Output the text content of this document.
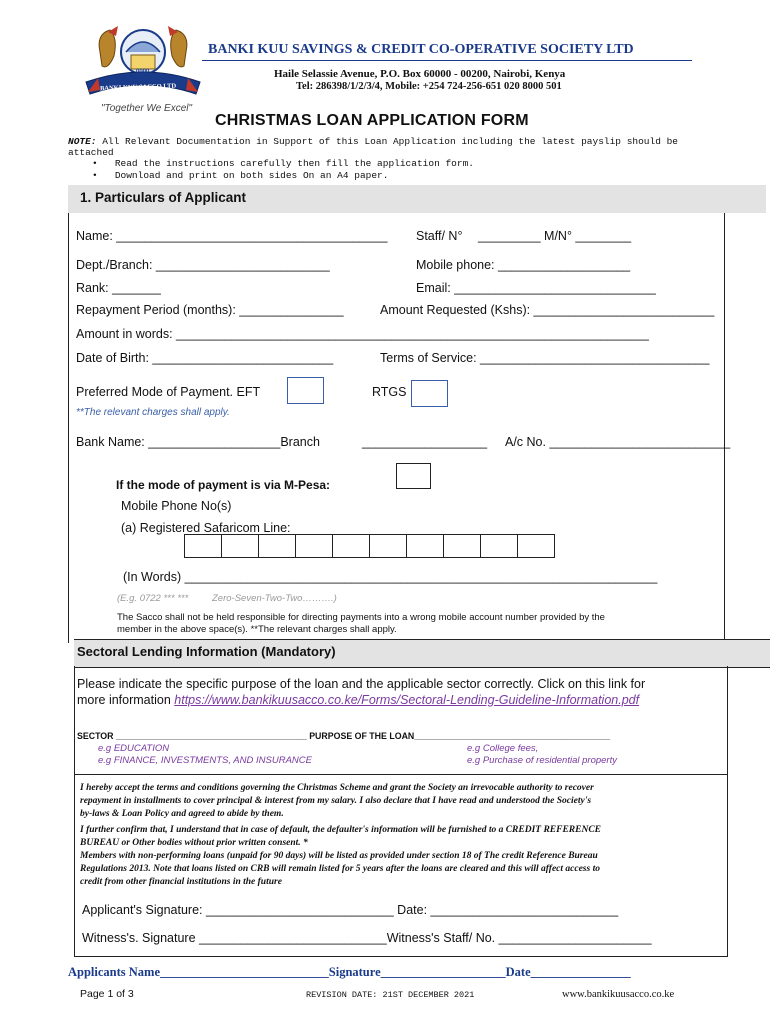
BANKI KUU SACCO LTD
0000
"Together We Excel"
BANKI KUU SAVINGS & CREDIT CO-OPERATIVE SOCIETY LTD
Haile Selassie Avenue, P.O. Box 60000 - 00200, Nairobi, Kenya
Tel: 286398/1/2/3/4, Mobile: +254 724-256-651 020 8000 501
CHRISTMAS LOAN APPLICATION FORM
NOTE: All Relevant Documentation in Support of this Loan Application including the latest payslip should be
attached
•   Read the instructions carefully then fill the application form.
•   Download and print on both sides On an A4 paper.
1. Particulars of Applicant
Name: _______________________________________ Staff/ N° _________ M/N° ________
Dept./Branch: _________________________	Mobile phone: ___________________
Rank: _______	Email: _____________________________
Repayment Period (months): _______________	Amount Requested (Kshs): __________________________
Amount in words: ____________________________________________________________________
Date of Birth: __________________________	Terms of Service: _________________________________
Preferred Mode of Payment. EFT	RTGS
**The relevant charges shall apply.
Bank Name: ___________________Branch	__________________ A/c No. __________________________
If the mode of payment is via M-Pesa:
Mobile Phone No(s)
(a) Registered Safaricom Line:
(In Words) ____________________________________________________________________
(E.g. 0722 *** *** Zero-Seven-Two-Two……….)
The Sacco shall not be held responsible for directing payments into a wrong mobile account number provided by the
member in the above space(s). **The relevant charges shall apply.
Sectoral Lending Information (Mandatory)
Please indicate the specific purpose of the loan and the applicable sector correctly. Click on this link for
more information https://www.bankikuusacco.co.ke/Forms/Sectoral-Lending-Guideline-Information.pdf
SECTOR _______________________________________ PURPOSE OF THE LOAN________________________________________
e.g EDUCATION
e.g FINANCE, INVESTMENTS, AND INSURANCE
e.g College fees,
e.g Purchase of residential property
I hereby accept the terms and conditions governing the Christmas Scheme and grant the Society an irrevocable authority to recover
repayment in installments to cover principal & interest from my salary. I also declare that I have read and understood the Society's
by-laws & Loan Policy and agreed to abide by them.
I further confirm that, I understand that in case of default, the defaulter's information will be furnished to a CREDIT REFERENCE
BUREAU or Other bodies without prior written consent. *
Members with non-performing loans (unpaid for 90 days) will be listed as provided under section 18 of The credit Reference Bureau
Regulations 2013. Note that loans listed on CRB will remain listed for 5 years after the loans are cleared and this will affect access to
credit from other financial institutions in the future
Applicant's Signature: ___________________________ Date: ___________________________
Witness's. Signature ___________________________Witness's Staff/ No. ______________________
Applicants Name___________________________Signature____________________Date________________
Page 1 of 3	REVISION DATE: 21ST DECEMBER 2021	www.bankikuusacco.co.ke
